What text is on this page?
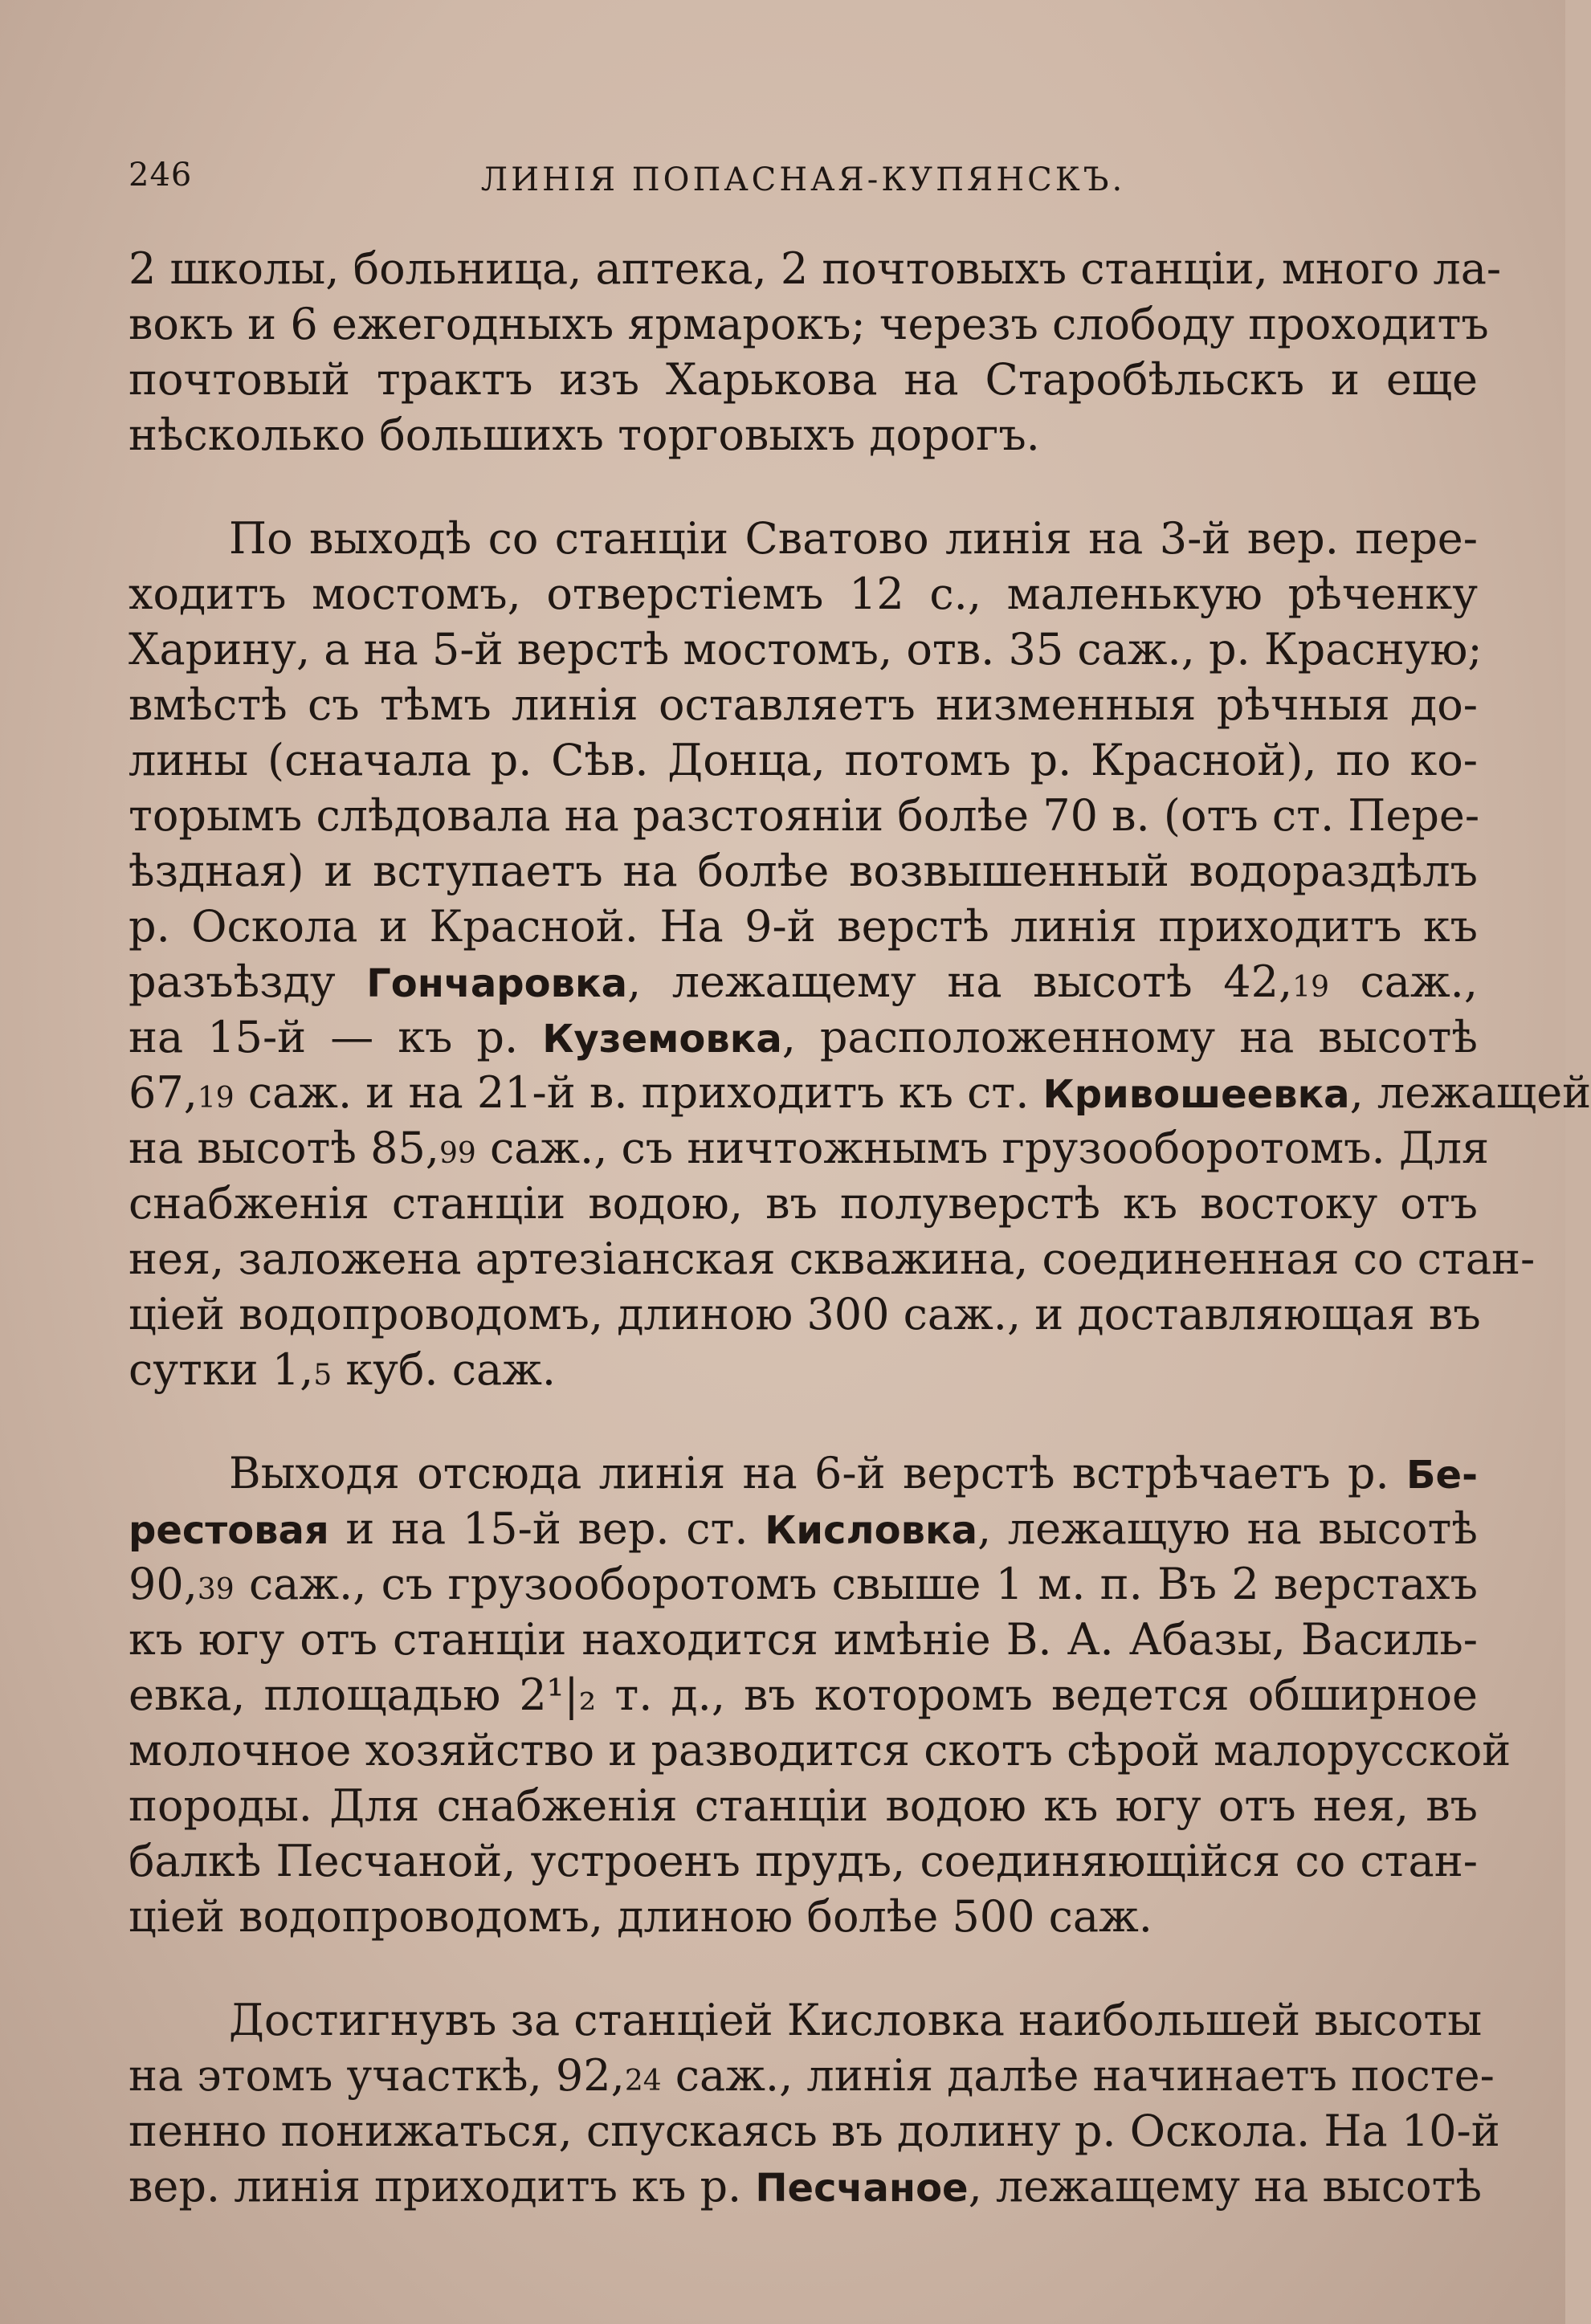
246	ЛИНІЯ ПОПАСНАЯ-КУПЯНСКЪ.
2 школы, больница, аптека, 2 почтовыхъ станціи, много ла-
вокъ и 6 ежегодныхъ ярмарокъ; черезъ слободу проходитъ
почтовый трактъ изъ Харькова на Старобѣльскъ и еще
нѣсколько большихъ торговыхъ дорогъ.
По выходѣ со станціи Сватово линія на 3-й вер. пере-
ходитъ мостомъ, отверстіемъ 12 с., маленькую рѣченку
Харину, а на 5-й верстѣ мостомъ, отв. 35 саж., р. Красную;
вмѣстѣ съ тѣмъ линія оставляетъ низменныя рѣчныя до-
лины (сначала р. Сѣв. Донца, потомъ р. Красной), по ко-
торымъ слѣдовала на разстояніи болѣе 70 в. (отъ ст. Пере-
ѣздная) и вступаетъ на болѣе возвышенный водораздѣлъ
р. Оскола и Красной. На 9-й верстѣ линія приходитъ къ
разъѣзду Гончаровка, лежащему на высотѣ 42,19 саж.,
на 15-й — къ р. Куземовка, расположенному на высотѣ
67,19 саж. и на 21-й в. приходитъ къ ст. Кривошеевка, лежащей
на высотѣ 85,99 саж., съ ничтожнымъ грузооборотомъ. Для
снабженія станціи водою, въ полуверстѣ къ востоку отъ
нея, заложена артезіанская скважина, соединенная со стан-
ціей водопроводомъ, длиною 300 саж., и доставляющая въ
сутки 1,5 куб. саж.
Выходя отсюда линія на 6-й верстѣ встрѣчаетъ р. Бе-
рестовая и на 15-й вер. ст. Кисловка, лежащую на высотѣ
90,39 саж., съ грузооборотомъ свыше 1 м. п. Въ 2 верстахъ
къ югу отъ станціи находится имѣніе В. А. Абазы, Василь-
евка, площадью 2¹|₂ т. д., въ которомъ ведется обширное
молочное хозяйство и разводится скотъ сѣрой малорусской
породы. Для снабженія станціи водою къ югу отъ нея, въ
балкѣ Песчаной, устроенъ прудъ, соединяющійся со стан-
ціей водопроводомъ, длиною болѣе 500 саж.
Достигнувъ за станціей Кисловка наибольшей высоты
на этомъ участкѣ, 92,24 саж., линія далѣе начинаетъ посте-
пенно понижаться, спускаясь въ долину р. Оскола. На 10-й
вер. линія приходитъ къ р. Песчаное, лежащему на высотѣ
